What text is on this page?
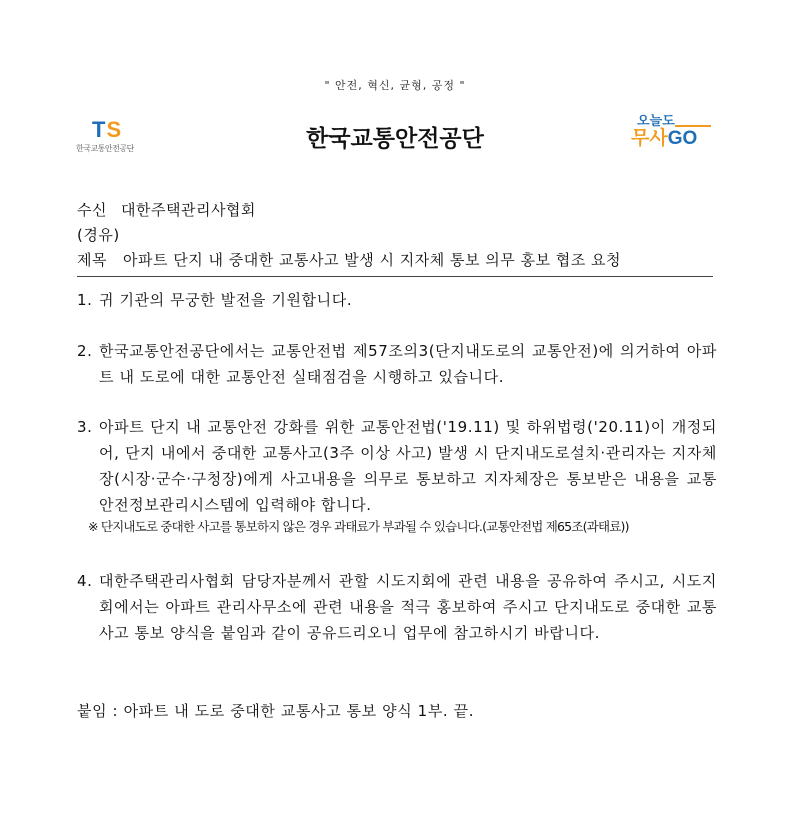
" 안전, 혁신, 균형, 공정 "
TS
한국교통안전공단	한국교통안전공단
오늘도
무사GO
수신 대한주택관리사협회
(경유)
제목 아파트 단지 내 중대한 교통사고 발생 시 지자체 통보 의무 홍보 협조 요청
1. 귀 기관의 무궁한 발전을 기원합니다.
2. 한국교통안전공단에서는 교통안전법 제57조의3(단지내도로의 교통안전)에 의거하여 아파트 내 도로에 대한 교통안전 실태점검을 시행하고 있습니다.
3. 아파트 단지 내 교통안전 강화를 위한 교통안전법('19.11) 및 하위법령('20.11)이 개정되어, 단지 내에서 중대한 교통사고(3주 이상 사고) 발생 시 단지내도로설치·관리자는 지자체장(시장·군수·구청장)에게 사고내용을 의무로 통보하고 지자체장은 통보받은 내용을 교통안전정보관리시스템에 입력해야 합니다.
※ 단지내도로 중대한 사고를 통보하지 않은 경우 과태료가 부과될 수 있습니다.(교통안전법 제65조(과태료))
4. 대한주택관리사협회 담당자분께서 관할 시도지회에 관련 내용을 공유하여 주시고, 시도지회에서는 아파트 관리사무소에 관련 내용을 적극 홍보하여 주시고 단지내도로 중대한 교통사고 통보 양식을 붙임과 같이 공유드리오니 업무에 참고하시기 바랍니다.
붙임 : 아파트 내 도로 중대한 교통사고 통보 양식 1부. 끝.
